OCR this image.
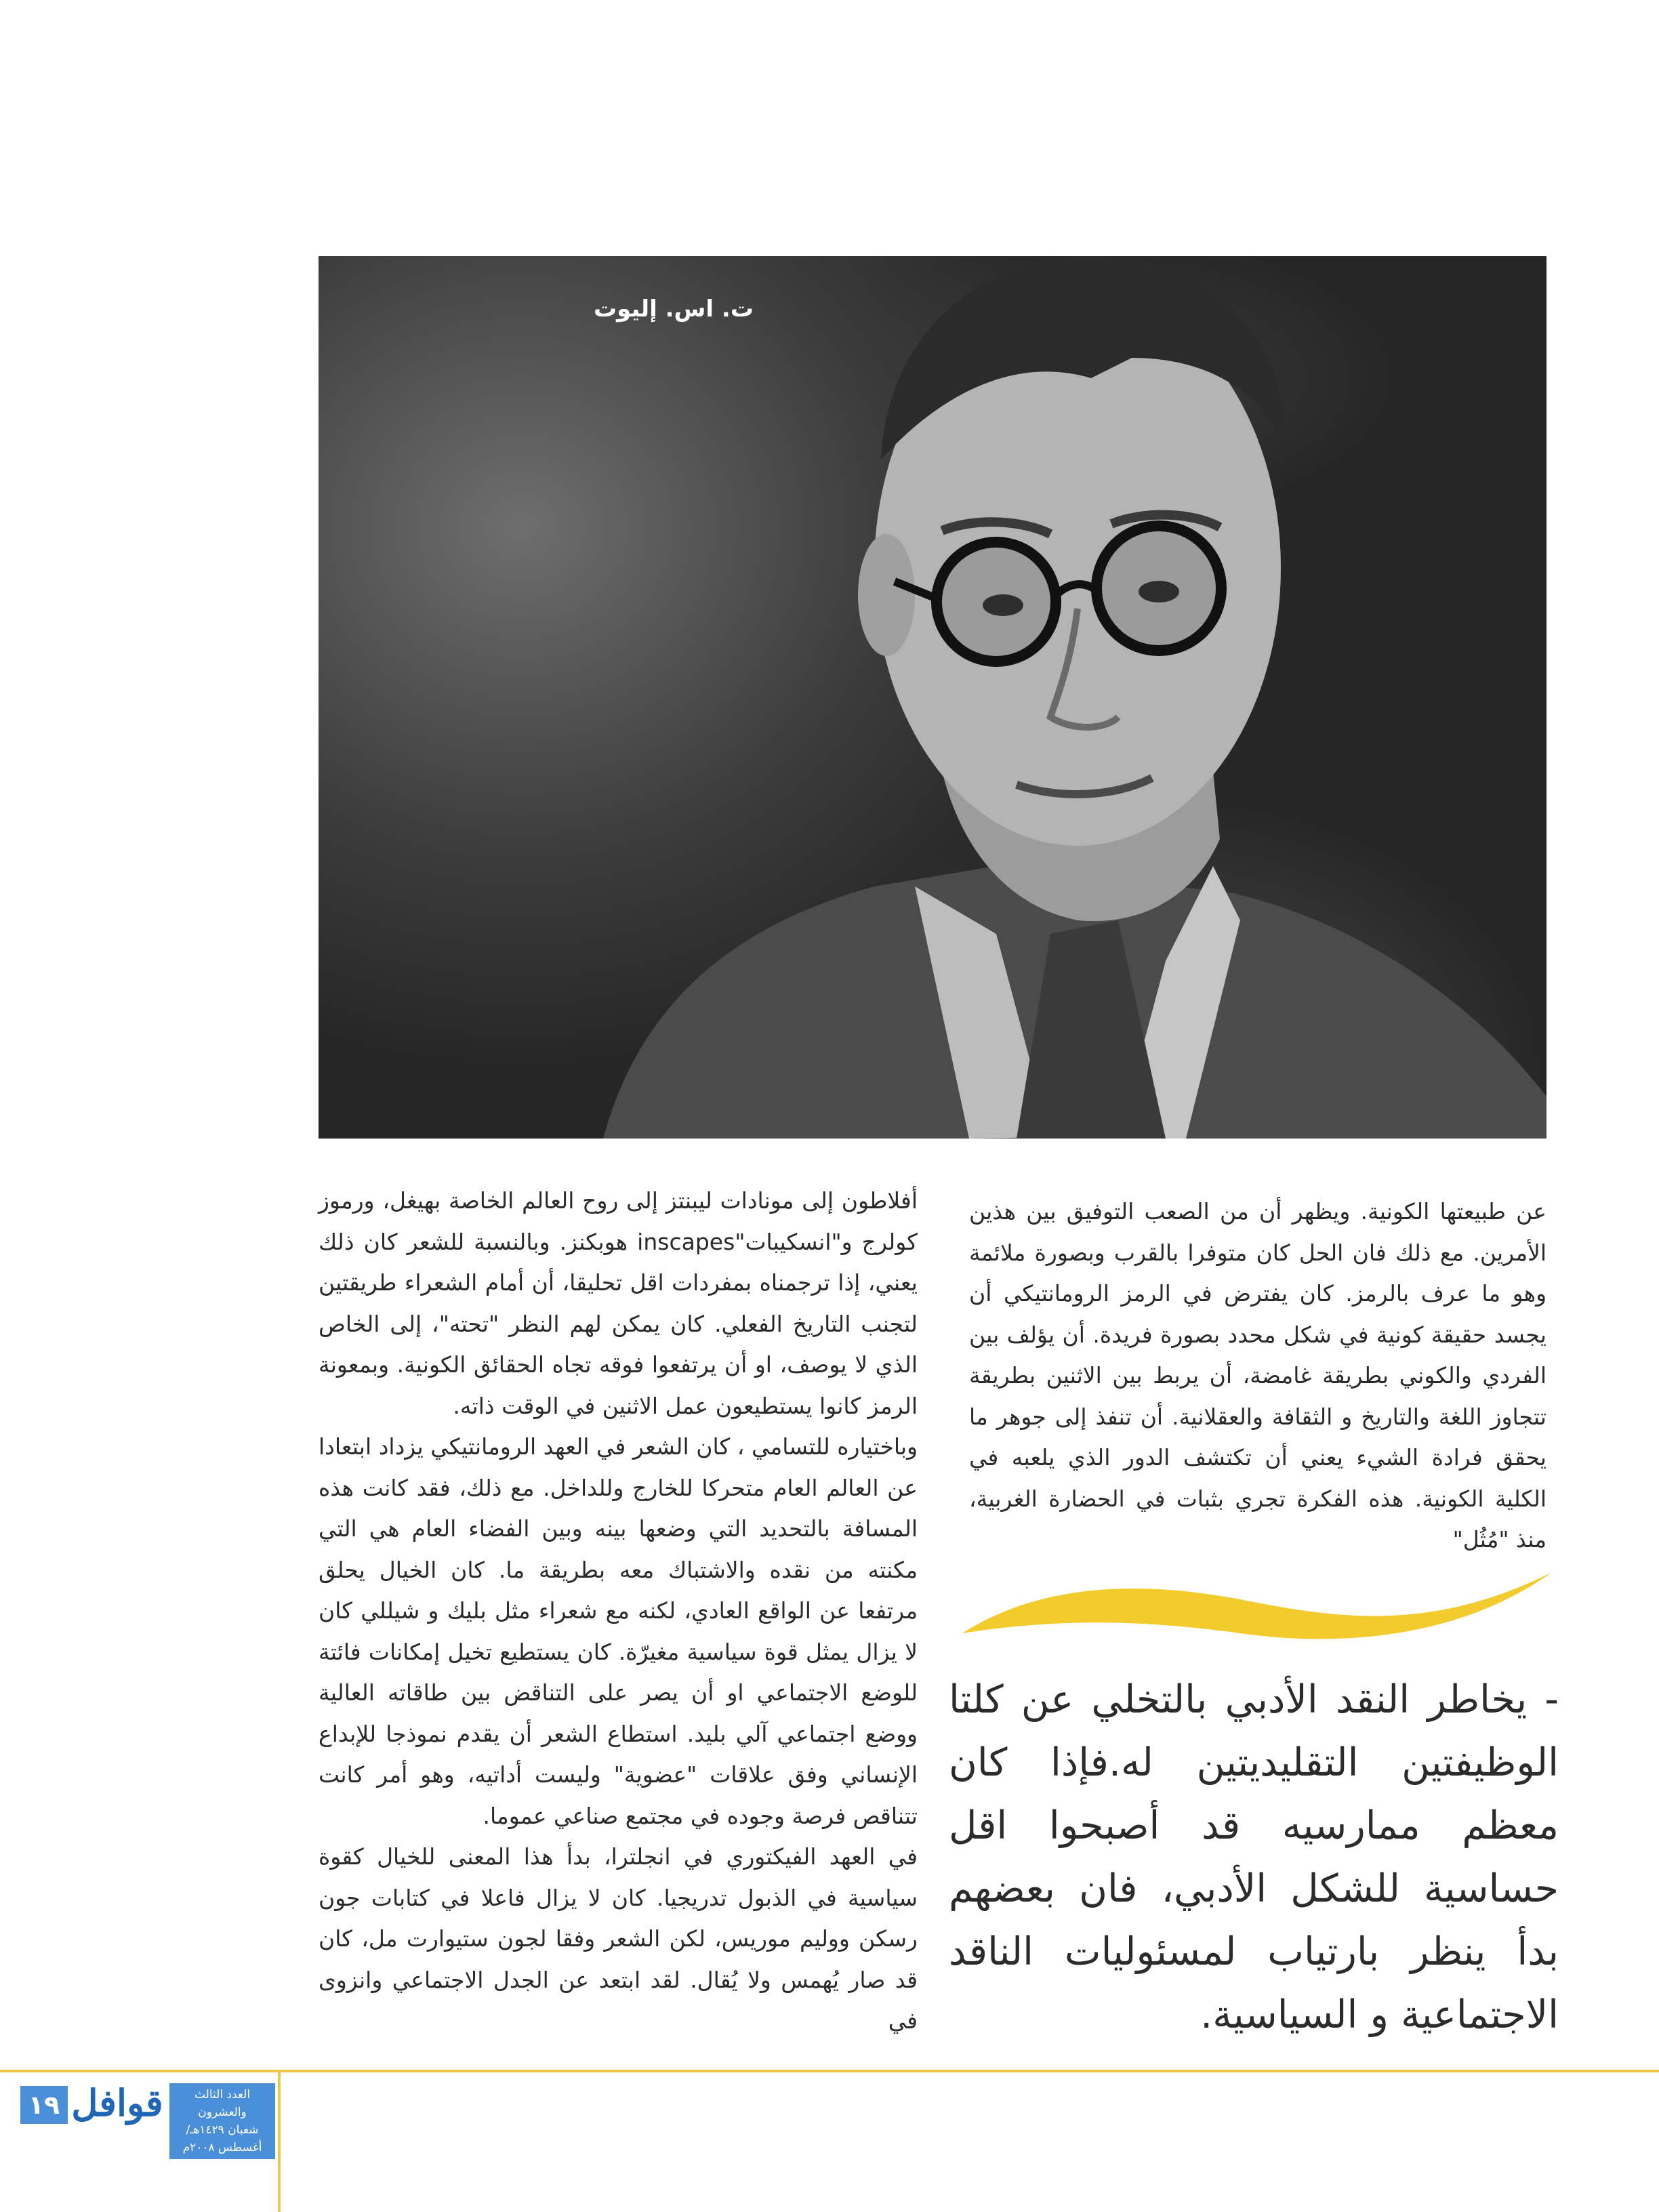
ت. اس. إليوت

عن طبيعتها الكونية. ويظهر أن من الصعب التوفيق بين هذين الأمرين. مع ذلك فان الحل كان متوفرا بالقرب وبصورة ملائمة وهو ما عرف بالرمز. كان يفترض في الرمز الرومانتيكي أن يجسد حقيقة كونية في شكل محدد بصورة فريدة. أن يؤلف بين الفردي والكوني بطريقة غامضة، أن يربط بين الاثنين بطريقة تتجاوز اللغة والتاريخ و الثقافة والعقلانية. أن تنفذ إلى جوهر ما يحقق فرادة الشيء يعني أن تكتشف الدور الذي يلعبه في الكلية الكونية. هذه الفكرة تجري بثبات في الحضارة الغربية، منذ "مُثُل"

أفلاطون إلى مونادات ليبنتز إلى روح العالم الخاصة بهيغل، ورموز كولرج و"انسكيبات"inscapes هوبكنز. وبالنسبة للشعر كان ذلك يعني، إذا ترجمناه بمفردات اقل تحليقا، أن أمام الشعراء طريقتين لتجنب التاريخ الفعلي. كان يمكن لهم النظر "تحته"، إلى الخاص الذي لا يوصف، او أن يرتفعوا فوقه تجاه الحقائق الكونية. وبمعونة الرمز كانوا يستطيعون عمل الاثنين في الوقت ذاته.

وباختياره للتسامي ، كان الشعر في العهد الرومانتيكي يزداد ابتعادا عن العالم العام متحركا للخارج وللداخل. مع ذلك، فقد كانت هذه المسافة بالتحديد التي وضعها بينه وبين الفضاء العام هي التي مكنته من نقده والاشتباك معه بطريقة ما. كان الخيال يحلق مرتفعا عن الواقع العادي، لكنه مع شعراء مثل بليك و شيللي كان لا يزال يمثل قوة سياسية مغيرّة. كان يستطيع تخيل إمكانات فائتة للوضع الاجتماعي او أن يصر على التناقض بين طاقاته العالية ووضع اجتماعي آلي بليد. استطاع الشعر أن يقدم نموذجا للإبداع الإنساني وفق علاقات "عضوية" وليست أداتيه، وهو أمر كانت تتناقص فرصة وجوده في مجتمع صناعي عموما.

في العهد الفيكتوري في انجلترا، بدأ هذا المعنى للخيال كقوة سياسية في الذبول تدريجيا. كان لا يزال فاعلا في كتابات جون رسكن ووليم موريس، لكن الشعر وفقا لجون ستيوارت مل، كان قد صار يُهمس ولا يُقال. لقد ابتعد عن الجدل الاجتماعي وانزوى في

- يخاطر النقد الأدبي بالتخلي عن كلتا الوظيفتين التقليديتين له.فإذا كان معظم ممارسيه قد أصبحوا اقل حساسية للشكل الأدبي، فان بعضهم بدأ ينظر بارتياب لمسئوليات الناقد الاجتماعية و السياسية.
١٩ قوافل	العدد الثالث والعشرون
شعبان ١٤٢٩هـ/ أغسطس ٢٠٠٨م
